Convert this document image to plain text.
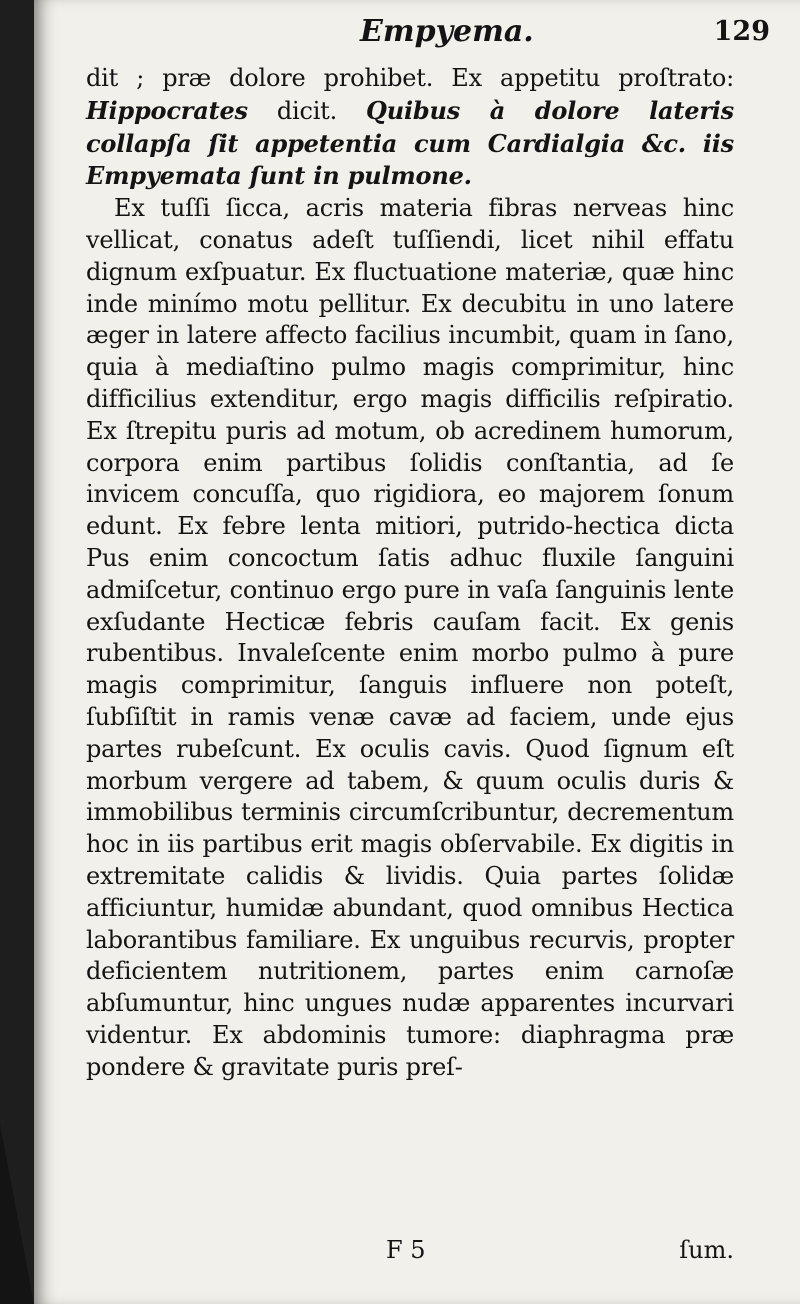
Empyema.	129

dit ; præ dolore prohibet. Ex appetitu proſtrato: Hippocrates dicit. Quibus à dolore lateris collapſa ſit appetentia cum Cardialgia &c. iis Empyemata ſunt in pulmone.

Ex tuſſi ſicca, acris materia fibras nerveas hinc vellicat, conatus adeſt tuſſiendi, licet nihil effatu dignum exſpuatur. Ex fluctuatione materiæ, quæ hinc inde minímo motu pellitur. Ex decubitu in uno latere æger in latere affecto facilius incumbit, quam in ſano, quia à mediaſtino pulmo magis comprimitur, hinc difficilius extenditur, ergo magis difficilis reſpiratio. Ex ſtrepitu puris ad motum, ob acredinem humorum, corpora enim partibus ſolidis conſtantia, ad ſe invicem concuſſa, quo rigidiora, eo majorem ſonum edunt. Ex febre lenta mitiori, putrido-hectica dicta Pus enim concoctum ſatis adhuc fluxile ſanguini admiſcetur, continuo ergo pure in vaſa ſanguinis lente exſudante Hecticæ febris cauſam facit. Ex genis rubentibus. Invaleſcente enim morbo pulmo à pure magis comprimitur, ſanguis influere non poteſt, ſubſiſtit in ramis venæ cavæ ad faciem, unde ejus partes rubeſcunt. Ex oculis cavis. Quod ſignum eſt morbum vergere ad tabem, & quum oculis duris & immobilibus terminis circumſcribuntur, decrementum hoc in iis partibus erit magis obſervabile. Ex digitis in extremitate calidis & lividis. Quia partes ſolidæ afficiuntur, humidæ abundant, quod omnibus Hectica laborantibus familiare. Ex unguibus recurvis, propter deficientem nutritionem, partes enim carnoſæ abſumuntur, hinc ungues nudæ apparentes incurvari videntur. Ex abdominis tumore: diaphragma præ pondere & gravitate puris preſ-

F 5	ſum.
